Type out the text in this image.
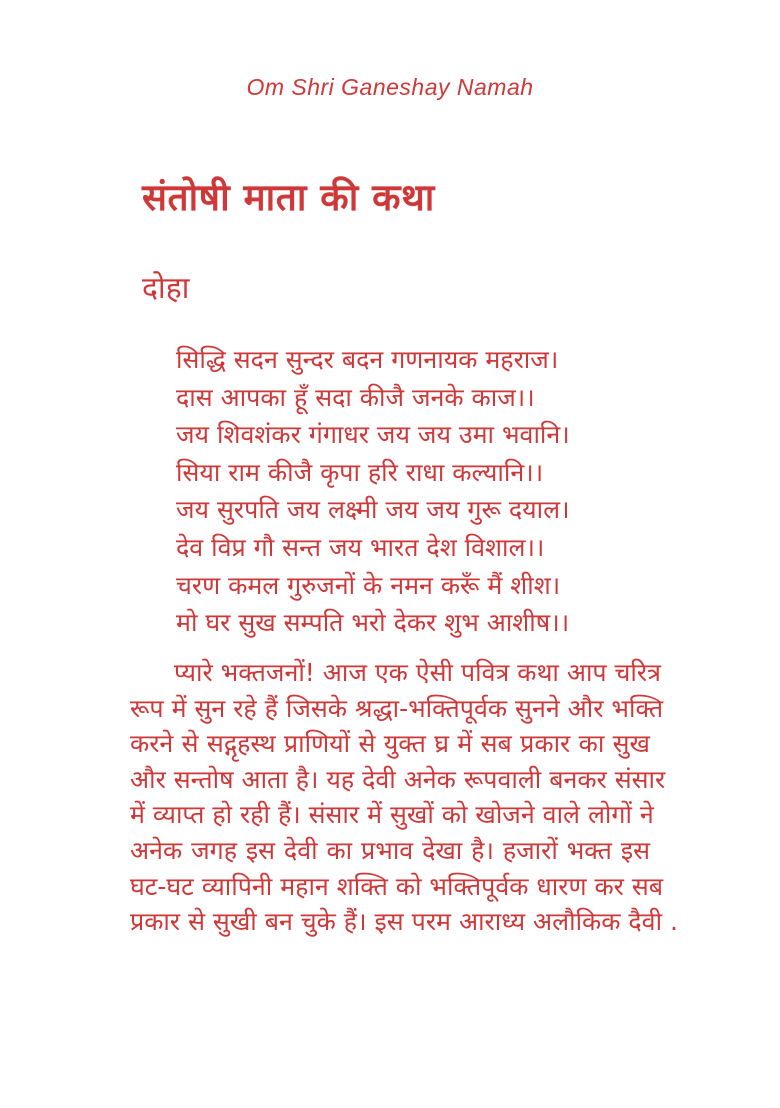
Om Shri Ganeshay Namah
संतोषी माता की कथा
दोहा
सिद्धि सदन सुन्दर बदन गणनायक महराज।
दास आपका हूँ सदा कीजै जनके काज।।
जय शिवशंकर गंगाधर जय जय उमा भवानि।
सिया राम कीजै कृपा हरि राधा कल्यानि।।
जय सुरपति जय लक्ष्मी जय जय गुरू दयाल।
देव विप्र गौ सन्त जय भारत देश विशाल।।
चरण कमल गुरुजनों के नमन करूँ मैं शीश।
मो घर सुख सम्पति भरो देकर शुभ आशीष।।
प्यारे भक्तजनों! आज एक ऐसी पवित्र कथा आप चरित्र
रूप में सुन रहे हैं जिसके श्रद्धा-भक्तिपूर्वक सुनने और भक्ति
करने से सद्गृहस्थ प्राणियों से युक्त घ्र में सब प्रकार का सुख
और सन्तोष आता है। यह देवी अनेक रूपवाली बनकर संसार
में व्याप्त हो रही हैं। संसार में सुखों को खोजने वाले लोगों ने
अनेक जगह इस देवी का प्रभाव देखा है। हजारों भक्त इस
घट-घट व्यापिनी महान शक्ति को भक्तिपूर्वक धारण कर सब
प्रकार से सुखी बन चुके हैं। इस परम आराध्य अलौकिक दैवी .
